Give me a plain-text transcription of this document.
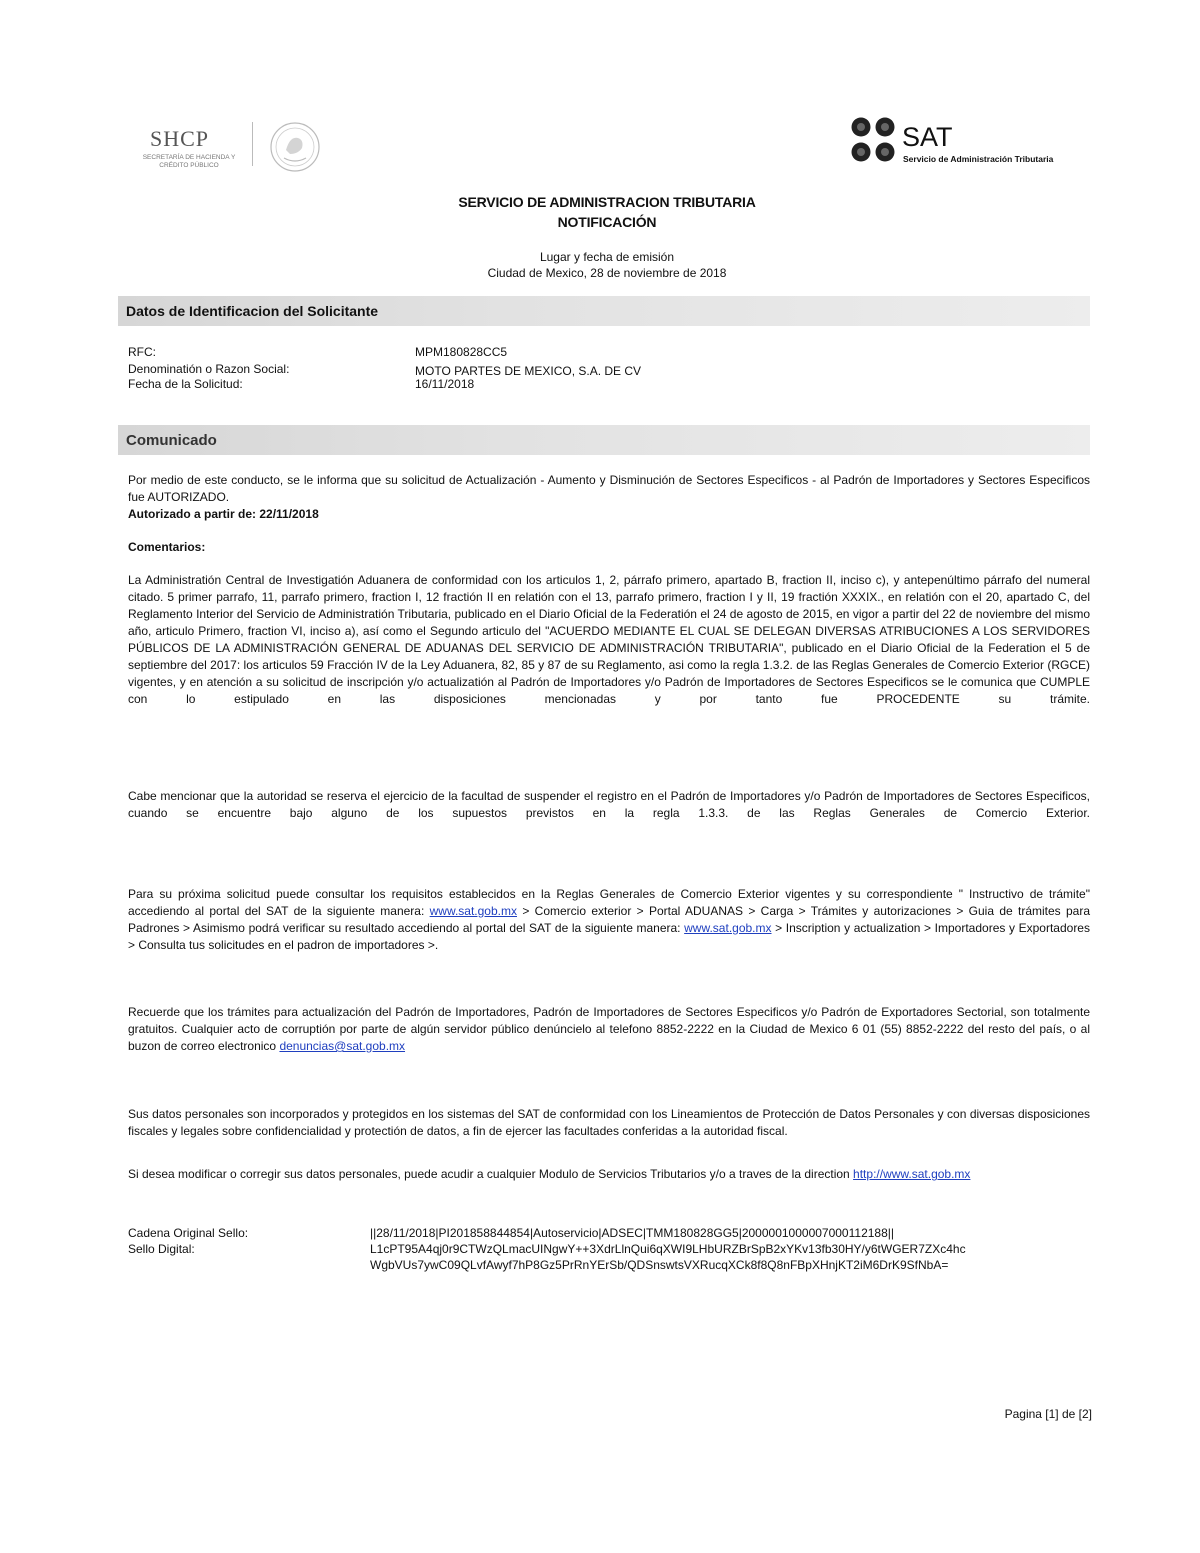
SHCP
SECRETARÍA DE HACIENDA Y CRÉDITO PÚBLICO
SAT
Servicio de Administración Tributaria
SERVICIO DE ADMINISTRACION TRIBUTARIA
NOTIFICACIÓN
Lugar y fecha de emisión
Ciudad de Mexico, 28 de noviembre de 2018
Datos de Identificacion del Solicitante
RFC:	MPM180828CC5
Denominatión o Razon Social:	MOTO PARTES DE MEXICO, S.A. DE CV
Fecha de la Solicitud:	16/11/2018
Comunicado
Por medio de este conducto, se le informa que su solicitud de Actualización - Aumento y Disminución de Sectores Especificos - al Padrón de Importadores y Sectores Especificos fue AUTORIZADO.
Autorizado a partir de: 22/11/2018
Comentarios:
La Administratión Central de Investigatión Aduanera de conformidad con los articulos 1, 2, párrafo primero, apartado B, fraction II, inciso c), y antepenúltimo párrafo del numeral citado. 5 primer parrafo, 11, parrafo primero, fraction I, 12 fractión II en relatión con el 13, parrafo primero, fraction I y II, 19 fractión XXXIX., en relatión con el 20, apartado C, del Reglamento Interior del Servicio de Administratión Tributaria, publicado en el Diario Oficial de la Federatión el 24 de agosto de 2015, en vigor a partir del 22 de noviembre del mismo año, articulo Primero, fraction VI, inciso a), así como el Segundo articulo del "ACUERDO MEDIANTE EL CUAL SE DELEGAN DIVERSAS ATRIBUCIONES A LOS SERVIDORES PÚBLICOS DE LA ADMINISTRACIÓN GENERAL DE ADUANAS DEL SERVICIO DE ADMINISTRACIÓN TRIBUTARIA", publicado en el Diario Oficial de la Federation el 5 de septiembre del 2017: los articulos 59 Fracción IV de la Ley Aduanera, 82, 85 y 87 de su Reglamento, asi como la regla 1.3.2. de las Reglas Generales de Comercio Exterior (RGCE) vigentes, y en atención a su solicitud de inscripción y/o actualizatión al Padrón de Importadores y/o Padrón de Importadores de Sectores Especificos se le comunica que CUMPLE con lo estipulado en las disposiciones mencionadas y por tanto fue PROCEDENTE su trámite.
Cabe mencionar que la autoridad se reserva el ejercicio de la facultad de suspender el registro en el Padrón de Importadores y/o Padrón de Importadores de Sectores Especificos, cuando se encuentre bajo alguno de los supuestos previstos en la regla 1.3.3. de las Reglas Generales de Comercio Exterior.
Para su próxima solicitud puede consultar los requisitos establecidos en la Reglas Generales de Comercio Exterior vigentes y su correspondiente " Instructivo de trámite" accediendo al portal del SAT de la siguiente manera: www.sat.gob.mx > Comercio exterior > Portal ADUANAS > Carga > Trámites y autorizaciones > Guia de trámites para Padrones > Asimismo podrá verificar su resultado accediendo al portal del SAT de la siguiente manera: www.sat.gob.mx > Inscription y actualization > Importadores y Exportadores > Consulta tus solicitudes en el padron de importadores >.
Recuerde que los trámites para actualización del Padrón de Importadores, Padrón de Importadores de Sectores Especificos y/o Padrón de Exportadores Sectorial, son totalmente gratuitos. Cualquier acto de corruptión por parte de algún servidor público denúncielo al telefono 8852-2222 en la Ciudad de Mexico 6 01 (55) 8852-2222 del resto del país, o al buzon de correo electronico denuncias@sat.gob.mx
Sus datos personales son incorporados y protegidos en los sistemas del SAT de conformidad con los Lineamientos de Protección de Datos Personales y con diversas disposiciones fiscales y legales sobre confidencialidad y protectión de datos, a fin de ejercer las facultades conferidas a la autoridad fiscal.
Si desea modificar o corregir sus datos personales, puede acudir a cualquier Modulo de Servicios Tributarios y/o a traves de la direction http://www.sat.gob.mx
Cadena Original Sello:	||28/11/2018|PI201858844854|Autoservicio|ADSEC|TMM180828GG5|2000001000007000112188||
Sello Digital:	L1cPT95A4qj0r9CTWzQLmacUINgwY++3XdrLlnQui6qXWI9LHbURZBrSpB2xYKv13fb30HY/y6tWGER7ZXc4hc
WgbVUs7ywC09QLvfAwyf7hP8Gz5PrRnYErSb/QDSnswtsVXRucqXCk8f8Q8nFBpXHnjKT2iM6DrK9SfNbA=
Pagina [1] de [2]
